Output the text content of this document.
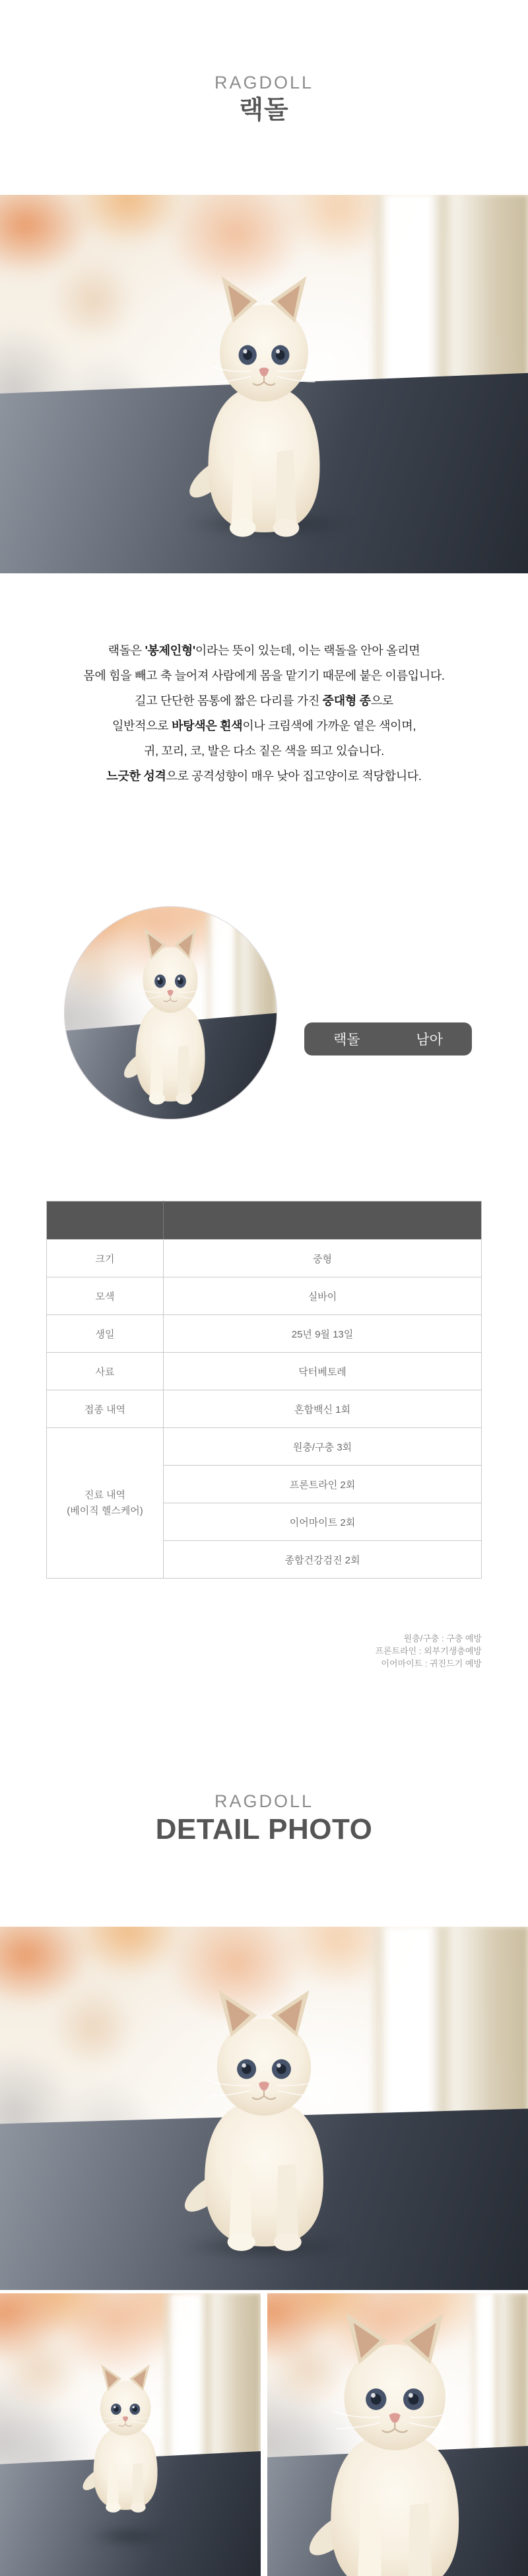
RAGDOLL
랙돌

랙돌은 '봉제인형'이라는 뜻이 있는데, 이는 랙돌을 안아 올리면

몸에 힘을 빼고 축 늘어져 사람에게 몸을 맡기기 때문에 붙은 이름입니다.

길고 단단한 몸통에 짧은 다리를 가진 중대형 종으로

일반적으로 바탕색은 흰색이나 크림색에 가까운 옅은 색이며,

귀, 꼬리, 코, 발은 다소 짙은 색을 띄고 있습니다.

느긋한 성격으로 공격성향이 매우 낮아 집고양이로 적당합니다.

랙돌	남아

크기	중형
모색	실바이
생일	25년 9월 13일
사료	닥터베토레
접종 내역	혼합백신 1회

진료 내역
(베이직 헬스케어)	원충/구충 3회
	프론트라인 2회
	이어마이트 2회
	종합건강검진 2회
원충/구충 : 구충 예방
프론트라인 : 외부기생충예방
이어마이트 : 귀진드기 예방
RAGDOLL
DETAIL PHOTO
